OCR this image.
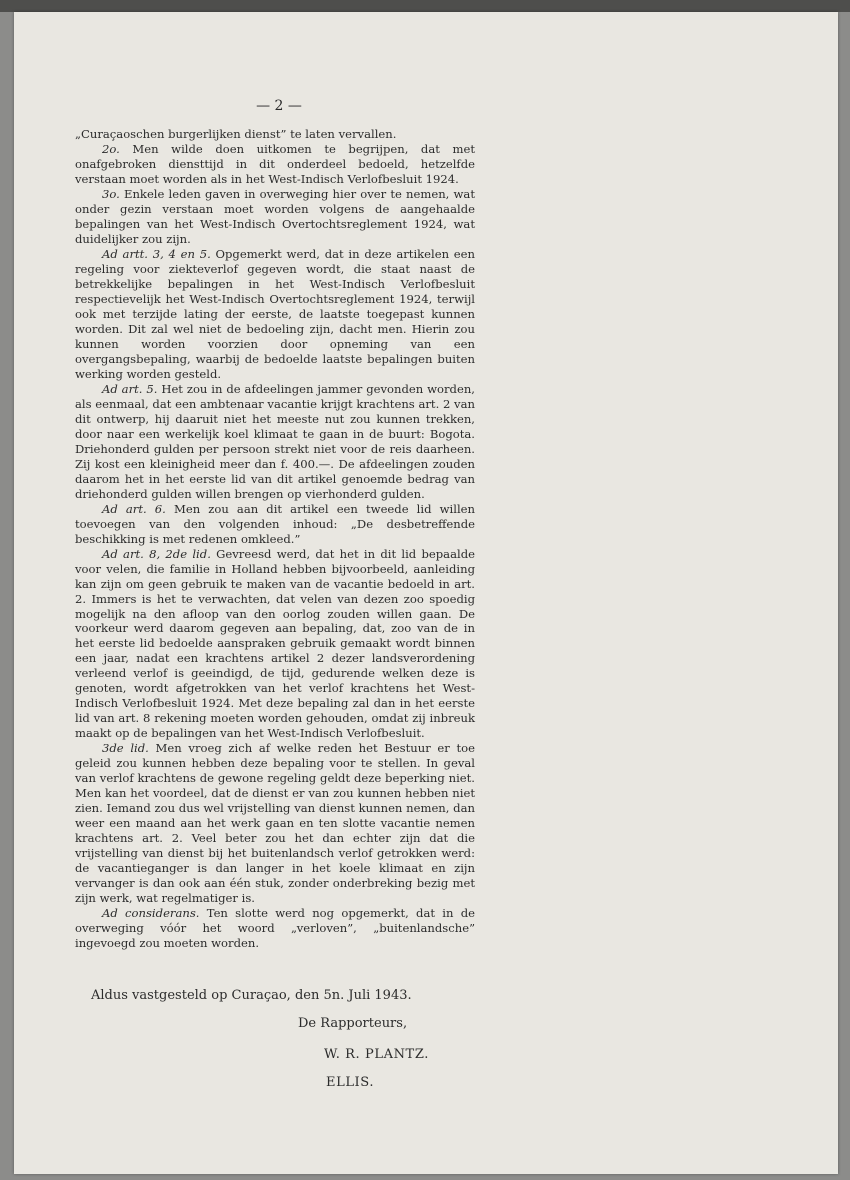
— 2 —

„Curaçaoschen burgerlijken dienst” te laten vervallen.

2o. Men wilde doen uitkomen te begrijpen, dat met onafgebroken diensttijd in dit onderdeel bedoeld, hetzelfde verstaan moet worden als in het West-Indisch Verlofbesluit 1924.

3o. Enkele leden gaven in overweging hier over te nemen, wat onder gezin verstaan moet worden volgens de aangehaalde bepalingen van het West-Indisch Overtochtsreglement 1924, wat duidelijker zou zijn.

Ad artt. 3, 4 en 5. Opgemerkt werd, dat in deze artikelen een regeling voor ziekteverlof gegeven wordt, die staat naast de betrekkelijke bepalingen in het West-Indisch Verlofbesluit respectievelijk het West-Indisch Overtochtsreglement 1924, terwijl ook met terzijde lating der eerste, de laatste toegepast kunnen worden. Dit zal wel niet de bedoeling zijn, dacht men. Hierin zou kunnen worden voorzien door opneming van een overgangsbepaling, waarbij de bedoelde laatste bepalingen buiten werking worden gesteld.

Ad art. 5. Het zou in de afdeelingen jammer gevonden worden, als eenmaal, dat een ambtenaar vacantie krijgt krachtens art. 2 van dit ontwerp, hij daaruit niet het meeste nut zou kunnen trekken, door naar een werkelijk koel klimaat te gaan in de buurt: Bogota. Driehonderd gulden per persoon strekt niet voor de reis daarheen. Zij kost een kleinigheid meer dan f. 400.—. De afdeelingen zouden daarom het in het eerste lid van dit artikel genoemde bedrag van driehonderd gulden willen brengen op vierhonderd gulden.

Ad art. 6. Men zou aan dit artikel een tweede lid willen toevoegen van den volgenden inhoud: „De desbetreffende beschikking is met redenen omkleed.”

Ad art. 8, 2de lid. Gevreesd werd, dat het in dit lid bepaalde voor velen, die familie in Holland hebben bijvoorbeeld, aanleiding kan zijn om geen gebruik te maken van de vacantie bedoeld in art. 2. Immers is het te verwachten, dat velen van dezen zoo spoedig mogelijk na den afloop van den oorlog zouden willen gaan. De voorkeur werd daarom gegeven aan bepaling, dat, zoo van de in het eerste lid bedoelde aanspraken gebruik gemaakt wordt binnen een jaar, nadat een krachtens artikel 2 dezer landsverordening verleend verlof is geeindigd, de tijd, gedurende welken deze is genoten, wordt afgetrokken van het verlof krachtens het West-Indisch Verlofbesluit 1924. Met deze bepaling zal dan in het eerste lid van art. 8 rekening moeten worden gehouden, omdat zij inbreuk maakt op de bepalingen van het West-Indisch Verlofbesluit.

3de lid. Men vroeg zich af welke reden het Bestuur er toe geleid zou kunnen hebben deze bepaling voor te stellen. In geval van verlof krachtens de gewone regeling geldt deze beperking niet. Men kan het voordeel, dat de dienst er van zou kunnen hebben niet zien. Iemand zou dus wel vrijstelling van dienst kunnen nemen, dan weer een maand aan het werk gaan en ten slotte vacantie nemen krachtens art. 2. Veel beter zou het dan echter zijn dat die vrijstelling van dienst bij het buitenlandsch verlof getrokken werd: de vacantieganger is dan langer in het koele klimaat en zijn vervanger is dan ook aan één stuk, zonder onderbreking bezig met zijn werk, wat regelmatiger is.

Ad considerans. Ten slotte werd nog opgemerkt, dat in de overweging vóór het woord „verloven”, „buitenlandsche” ingevoegd zou moeten worden.

Aldus vastgesteld op Curaçao, den 5n. Juli 1943.
De Rapporteurs,
W. R. PLANTZ.
ELLIS.
